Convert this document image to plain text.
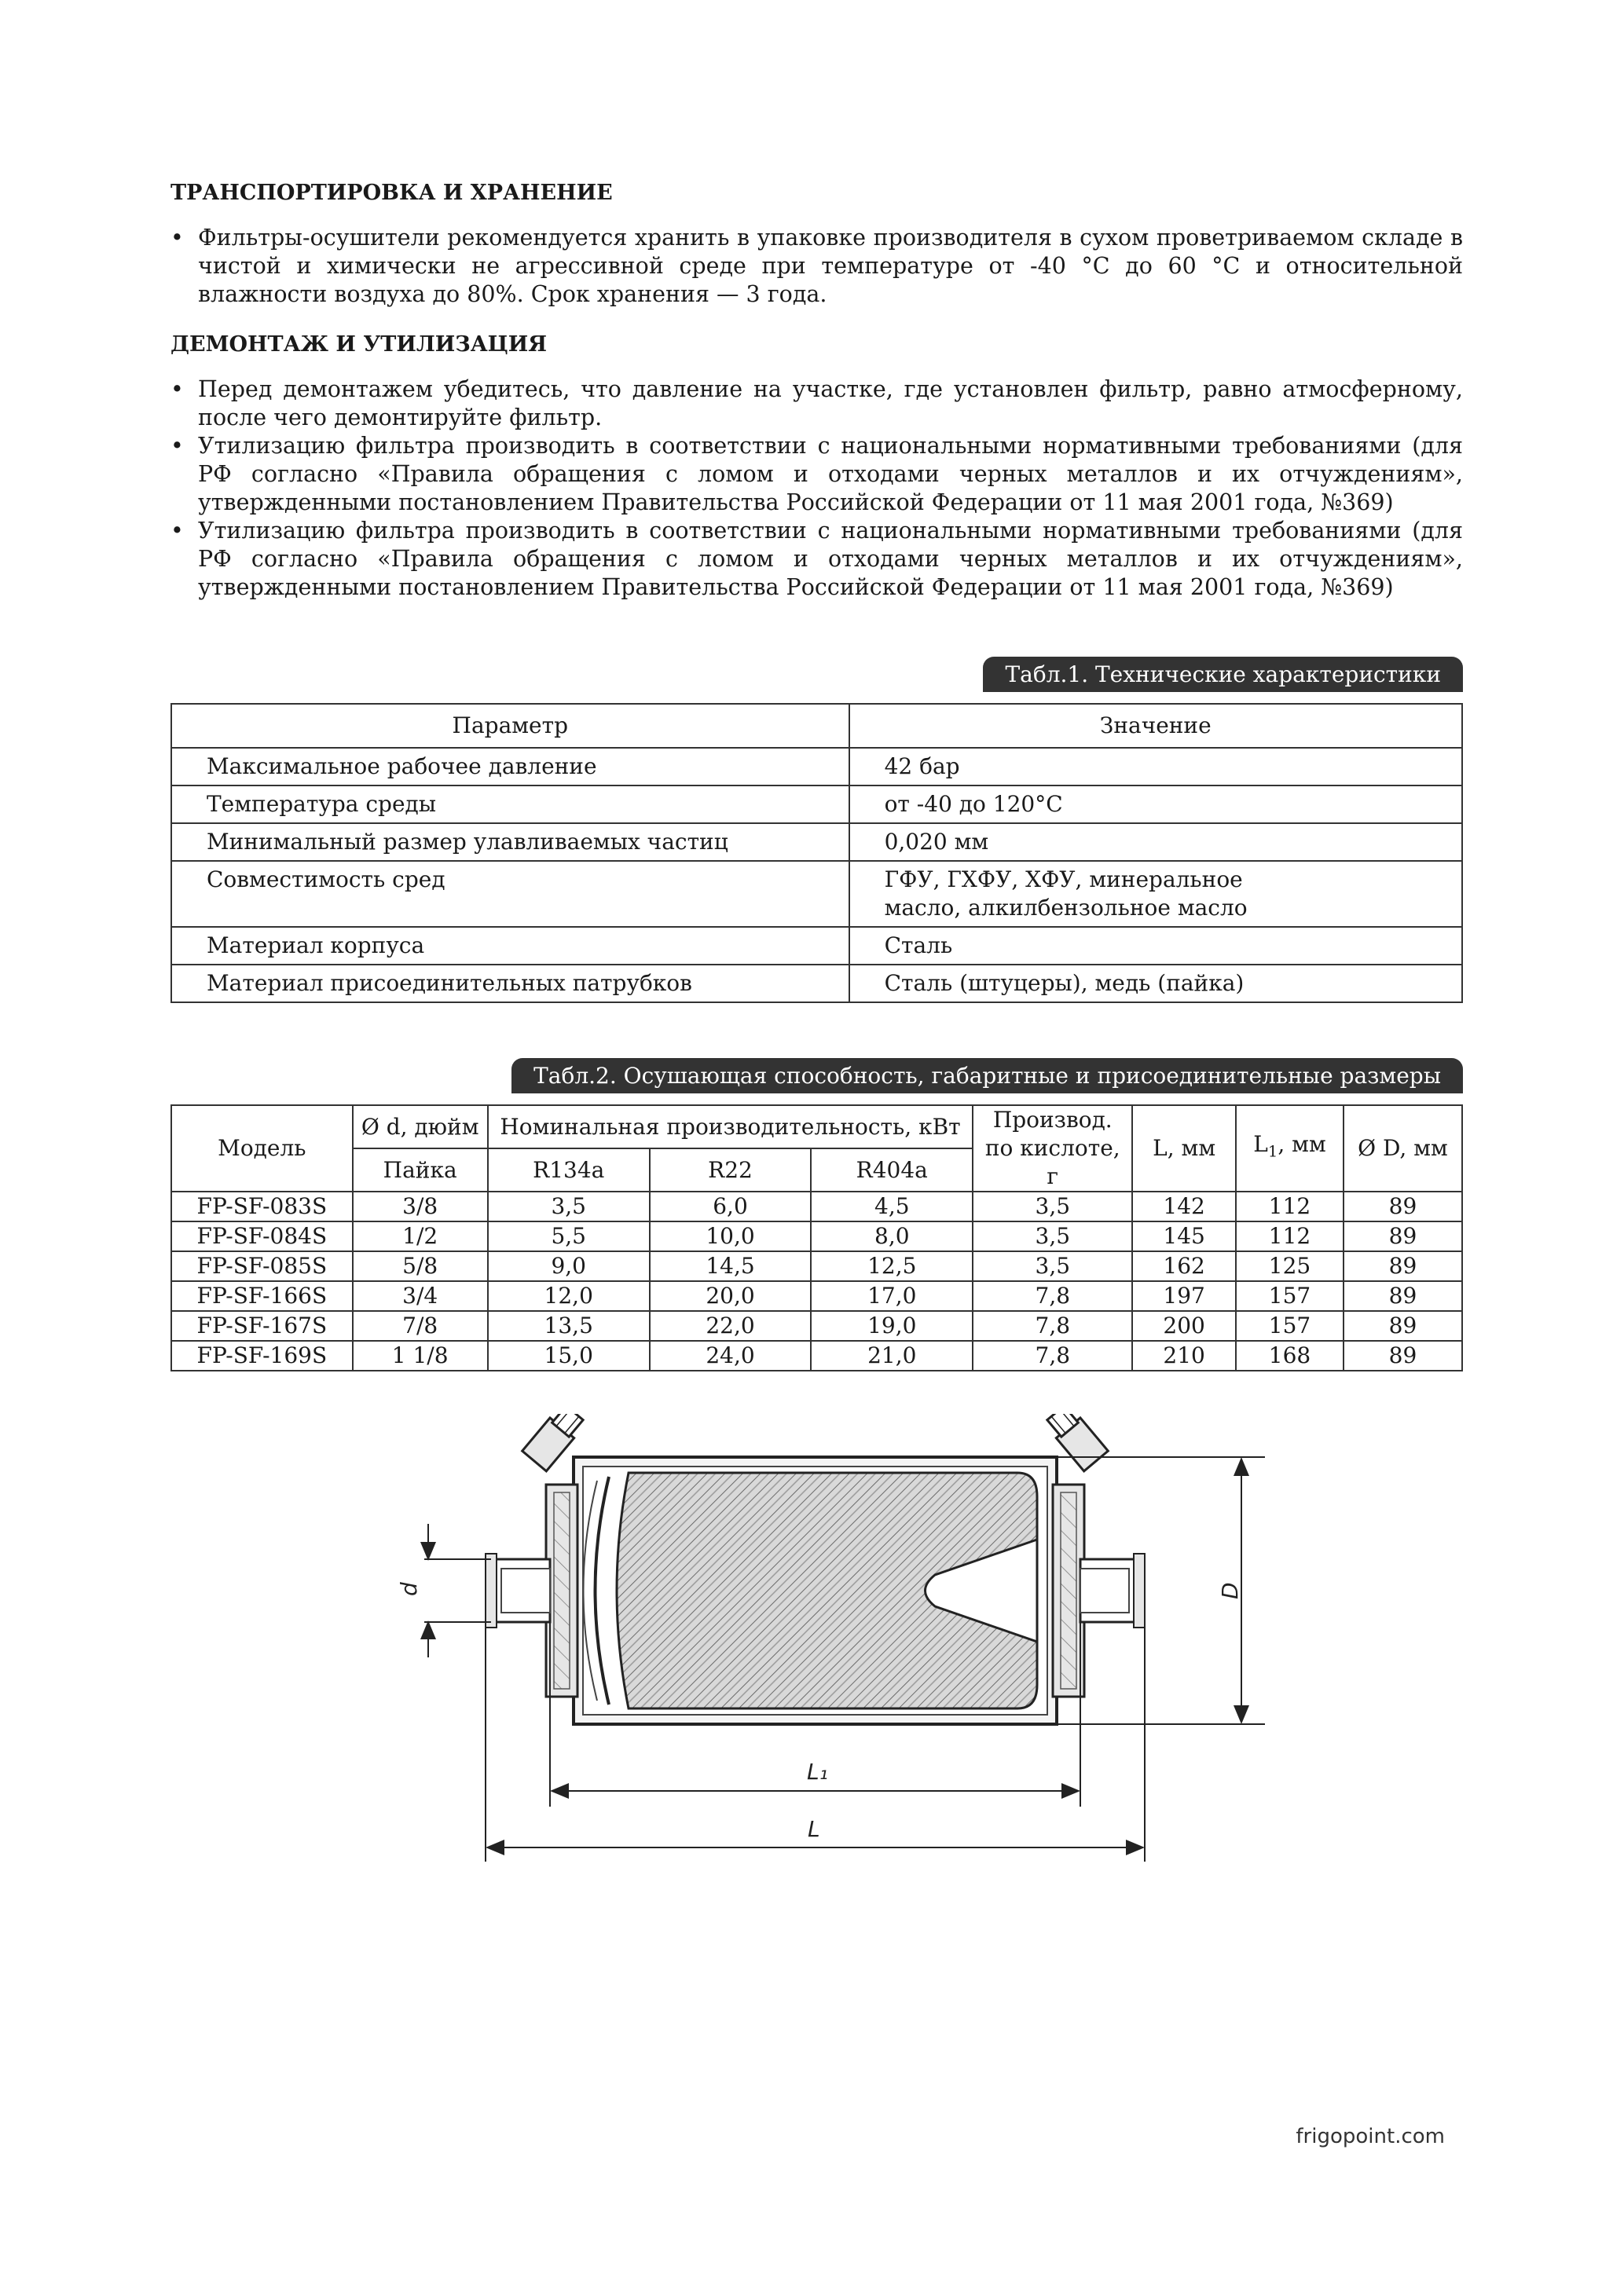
ТРАНСПОРТИРОВКА И ХРАНЕНИЕ
• Фильтры-осушители рекомендуется хранить в упаковке производителя в сухом проветриваемом складе в чистой и химически не агрессивной среде при температуре от -40 °С до 60 °С и относительной влажности воздуха до 80%. Срок хранения — 3 года.
ДЕМОНТАЖ И УТИЛИЗАЦИЯ
• Перед демонтажем убедитесь, что давление на участке, где установлен фильтр, равно атмосферному, после чего демонтируйте фильтр.
• Утилизацию фильтра производить в соответствии с национальными нормативными требованиями (для РФ согласно «Правила обращения с ломом и отходами черных металлов и их отчуждениям», утвержденными постановлением Правительства Российской Федерации от 11 мая 2001 года, №369)
• Утилизацию фильтра производить в соответствии с национальными нормативными требованиями (для РФ согласно «Правила обращения с ломом и отходами черных металлов и их отчуждениям», утвержденными постановлением Правительства Российской Федерации от 11 мая 2001 года, №369)
Табл.1. Технические характеристики
Параметр	Значение
Максимальное рабочее давление	42 бар
Температура среды	от -40 до 120°С
Минимальный размер улавливаемых частиц	0,020 мм
Совместимость сред	ГФУ, ГХФУ, ХФУ, минеральное масло, алкилбензольное масло
Материал корпуса	Сталь
Материал присоединительных патрубков	Сталь (штуцеры), медь (пайка)
Табл.2. Осушающая способность, габаритные и присоединительные размеры
Модель	Ø d, дюйм	Номинальная производительность, кВт			Производ. по кислоте, г	L, мм	$L_1$, мм	Ø D, мм
	Пайка	R134a	R22	R404a				
FP-SF-083S	3/8	3,5	6,0	4,5	3,5	142	112	89
FP-SF-084S	1/2	5,5	10,0	8,0	3,5	145	112	89
FP-SF-085S	5/8	9,0	14,5	12,5	3,5	162	125	89
FP-SF-166S	3/4	12,0	20,0	17,0	7,8	197	157	89
FP-SF-167S	7/8	13,5	22,0	19,0	7,8	200	157	89
FP-SF-169S	1 1/8	15,0	24,0	21,0	7,8	210	168	89
d	D
L₁
L
frigopoint.com
